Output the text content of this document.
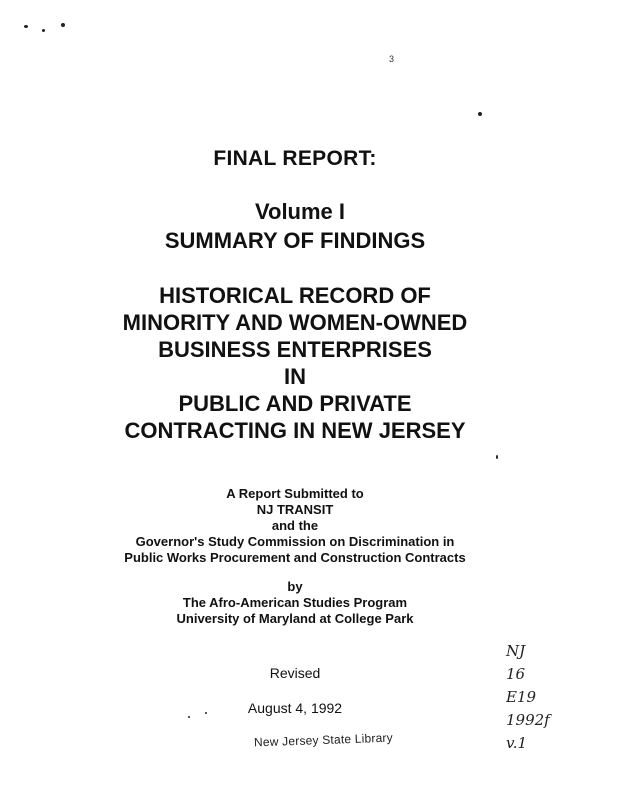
3

FINAL REPORT:

Volume I

SUMMARY OF FINDINGS

HISTORICAL RECORD OF
MINORITY AND WOMEN-OWNED
BUSINESS ENTERPRISES
IN
PUBLIC AND PRIVATE
CONTRACTING IN NEW JERSEY
A Report Submitted to
NJ TRANSIT
and the
Governor's Study Commission on Discrimination in
Public Works Procurement and Construction Contracts
by
The Afro-American Studies Program
University of Maryland at College Park

Revised

August 4, 1992

New Jersey State Library
NJ
16
E19
1992f
v.1
